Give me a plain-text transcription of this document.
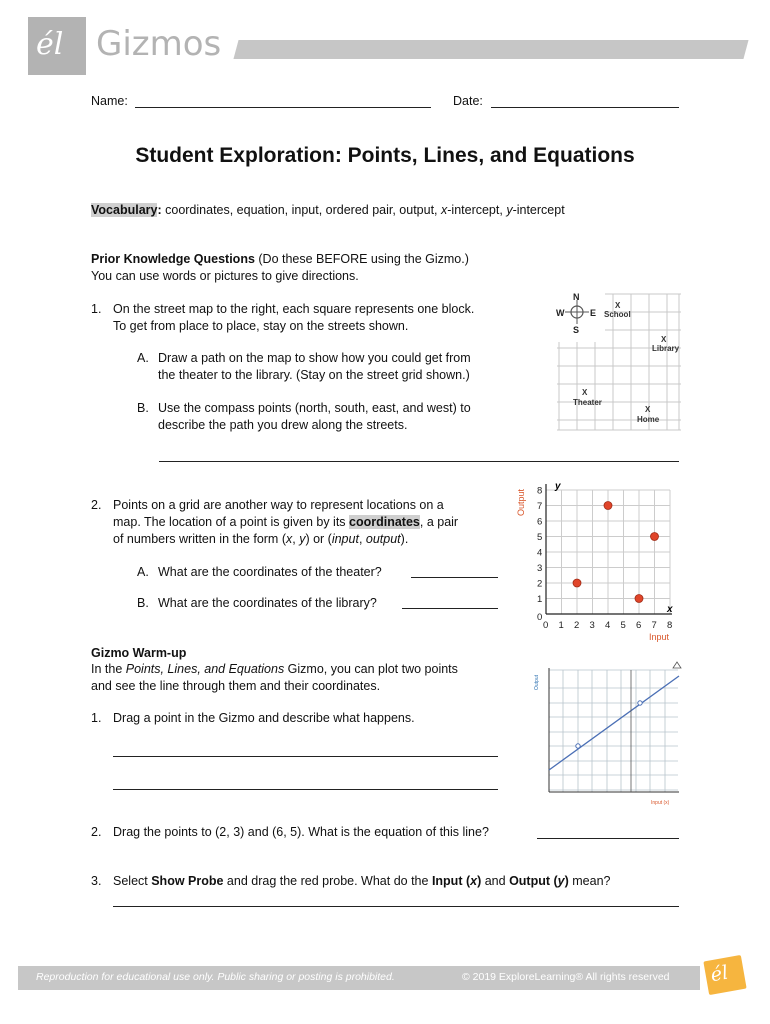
él Gizmos
Name:	Date:
Student Exploration: Points, Lines, and Equations
Vocabulary: coordinates, equation, input, ordered pair, output, x-intercept, y-intercept
Prior Knowledge Questions (Do these BEFORE using the Gizmo.)
You can use words or pictures to give directions.
1. On the street map to the right, each square represents one block.
To get from place to place, stay on the streets shown.
A. Draw a path on the map to show how you could get from
the theater to the library. (Stay on the street grid shown.)
B. Use the compass points (north, south, east, and west) to
describe the path you drew along the streets.
N
S
W	E
X
School
X
Library
X
Theater
X
Home
2. Points on a grid are another way to represent locations on a
map. The location of a point is given by its coordinates, a pair
of numbers written in the form (x, y) or (input, output).
A. What are the coordinates of the theater?
B. What are the coordinates of the library?
0 1 2 3 4 5 6 7 8
0
1
2
3
4
5
6
7
8 y
x
Output
Input
Gizmo Warm-up
In the Points, Lines, and Equations Gizmo, you can plot two points
and see the line through them and their coordinates.
1. Drag a point in the Gizmo and describe what happens.
Output
Input (x)
2. Drag the points to (2, 3) and (6, 5). What is the equation of this line?
3. Select Show Probe and drag the red probe. What do the Input (x) and Output (y) mean?
Reproduction for educational use only. Public sharing or posting is prohibited.	© 2019 ExploreLearning® All rights reserved él
